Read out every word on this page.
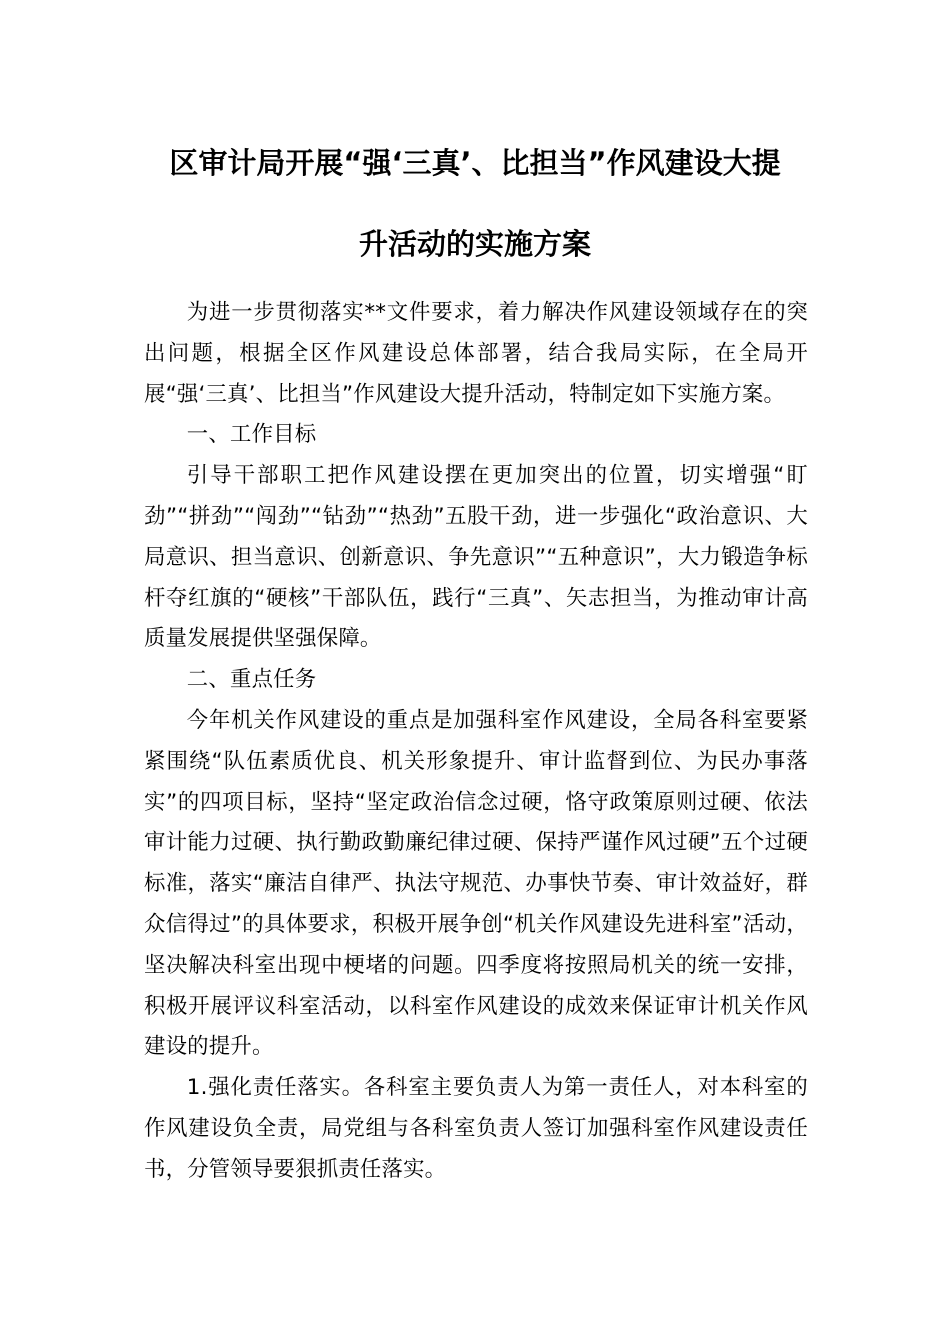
区审计局开展“强‘三真’、比担当”作风建设大提
升活动的实施方案

为进一步贯彻落实**文件要求，着力解决作风建设领域存在的突出问题，根据全区作风建设总体部署，结合我局实际，在全局开展“强‘三真’、比担当”作风建设大提升活动，特制定如下实施方案。

一、工作目标

引导干部职工把作风建设摆在更加突出的位置，切实增强“盯劲”“拼劲”“闯劲”“钻劲”“热劲”五股干劲，进一步强化“政治意识、大局意识、担当意识、创新意识、争先意识”“五种意识”，大力锻造争标杆夺红旗的“硬核”干部队伍，践行“三真”、矢志担当，为推动审计高质量发展提供坚强保障。

二、重点任务

今年机关作风建设的重点是加强科室作风建设，全局各科室要紧紧围绕“队伍素质优良、机关形象提升、审计监督到位、为民办事落实”的四项目标，坚持“坚定政治信念过硬，恪守政策原则过硬、依法审计能力过硬、执行勤政勤廉纪律过硬、保持严谨作风过硬”五个过硬标准，落实“廉洁自律严、执法守规范、办事快节奏、审计效益好，群众信得过”的具体要求，积极开展争创“机关作风建设先进科室”活动，坚决解决科室出现中梗堵的问题。四季度将按照局机关的统一安排，积极开展评议科室活动，以科室作风建设的成效来保证审计机关作风建设的提升。

1.强化责任落实。各科室主要负责人为第一责任人，对本科室的作风建设负全责，局党组与各科室负责人签订加强科室作风建设责任书，分管领导要狠抓责任落实。
